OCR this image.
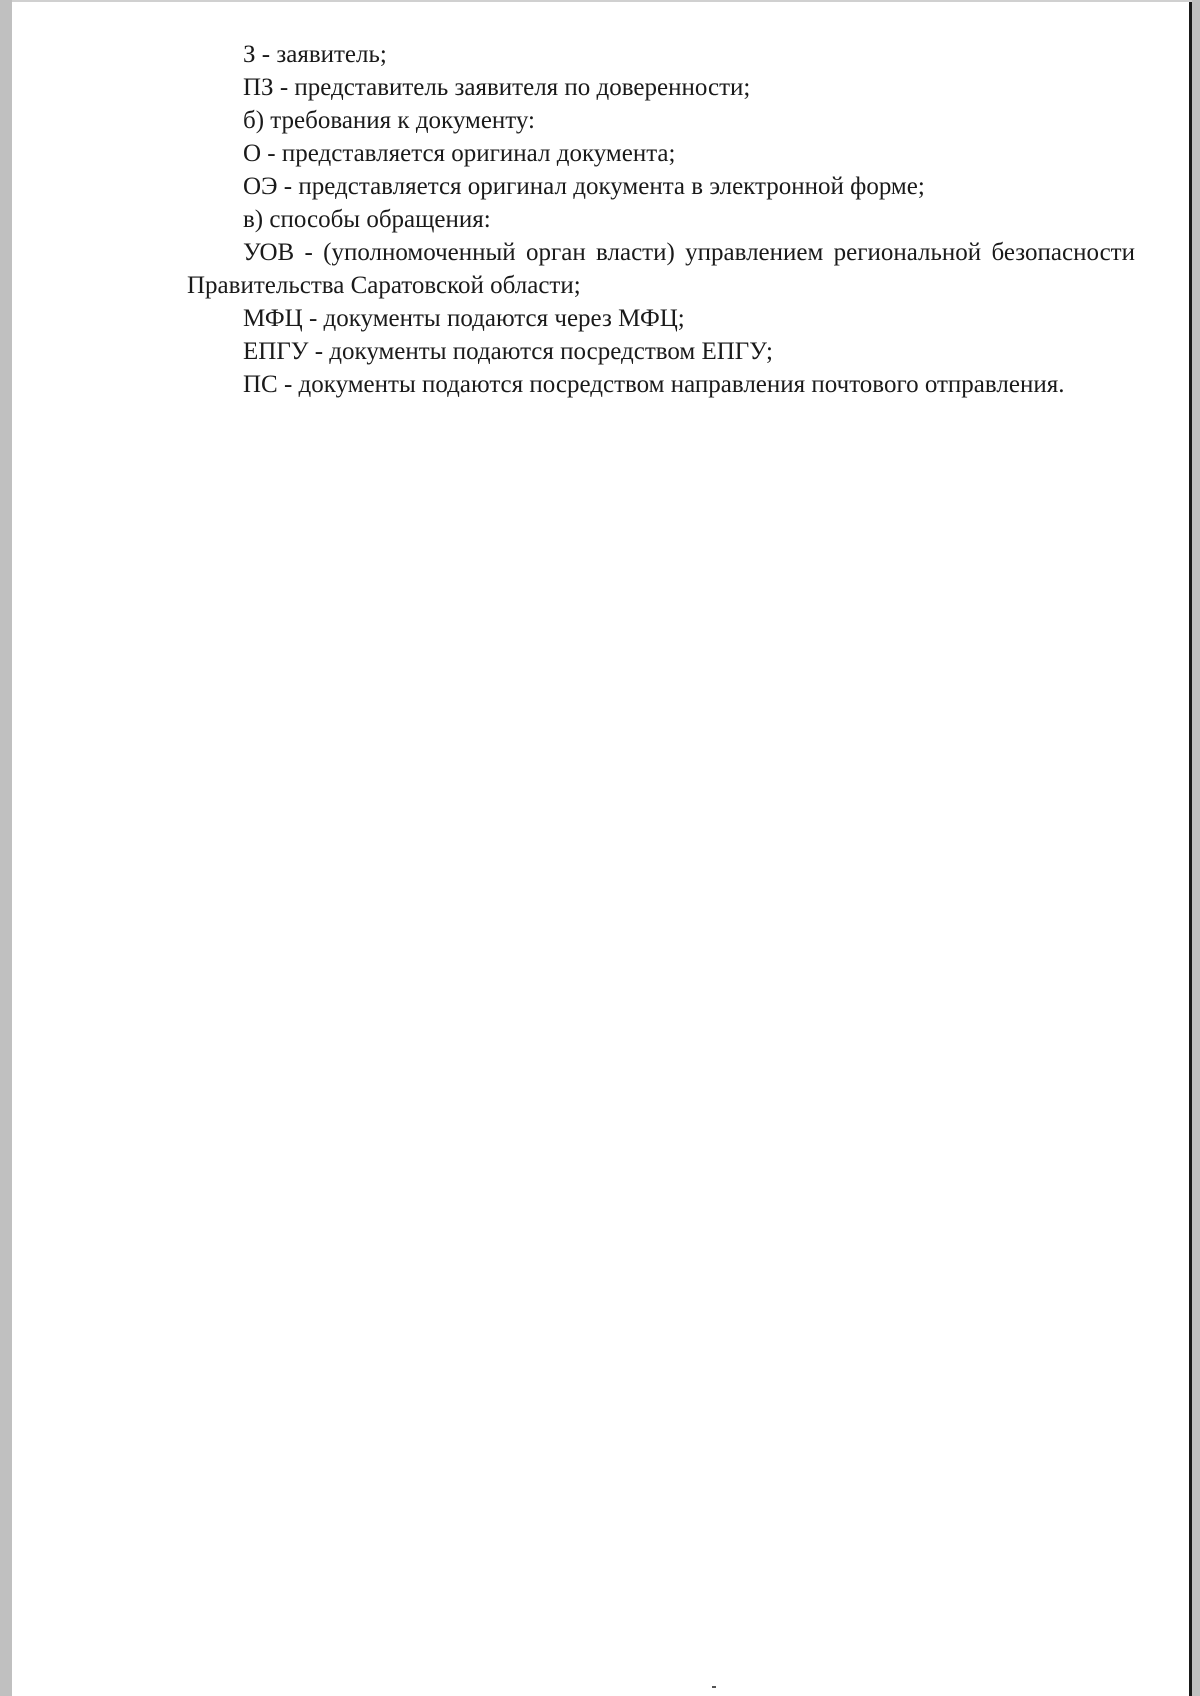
З - заявитель;

ПЗ - представитель заявителя по доверенности;

б) требования к документу:

О - представляется оригинал документа;

ОЭ - представляется оригинал документа в электронной форме;

в) способы обращения:

УОВ - (уполномоченный орган власти) управлением региональной безопасности Правительства Саратовской области;

МФЦ - документы подаются через МФЦ;

ЕПГУ - документы подаются посредством ЕПГУ;

ПС - документы подаются посредством направления почтового отправления.
